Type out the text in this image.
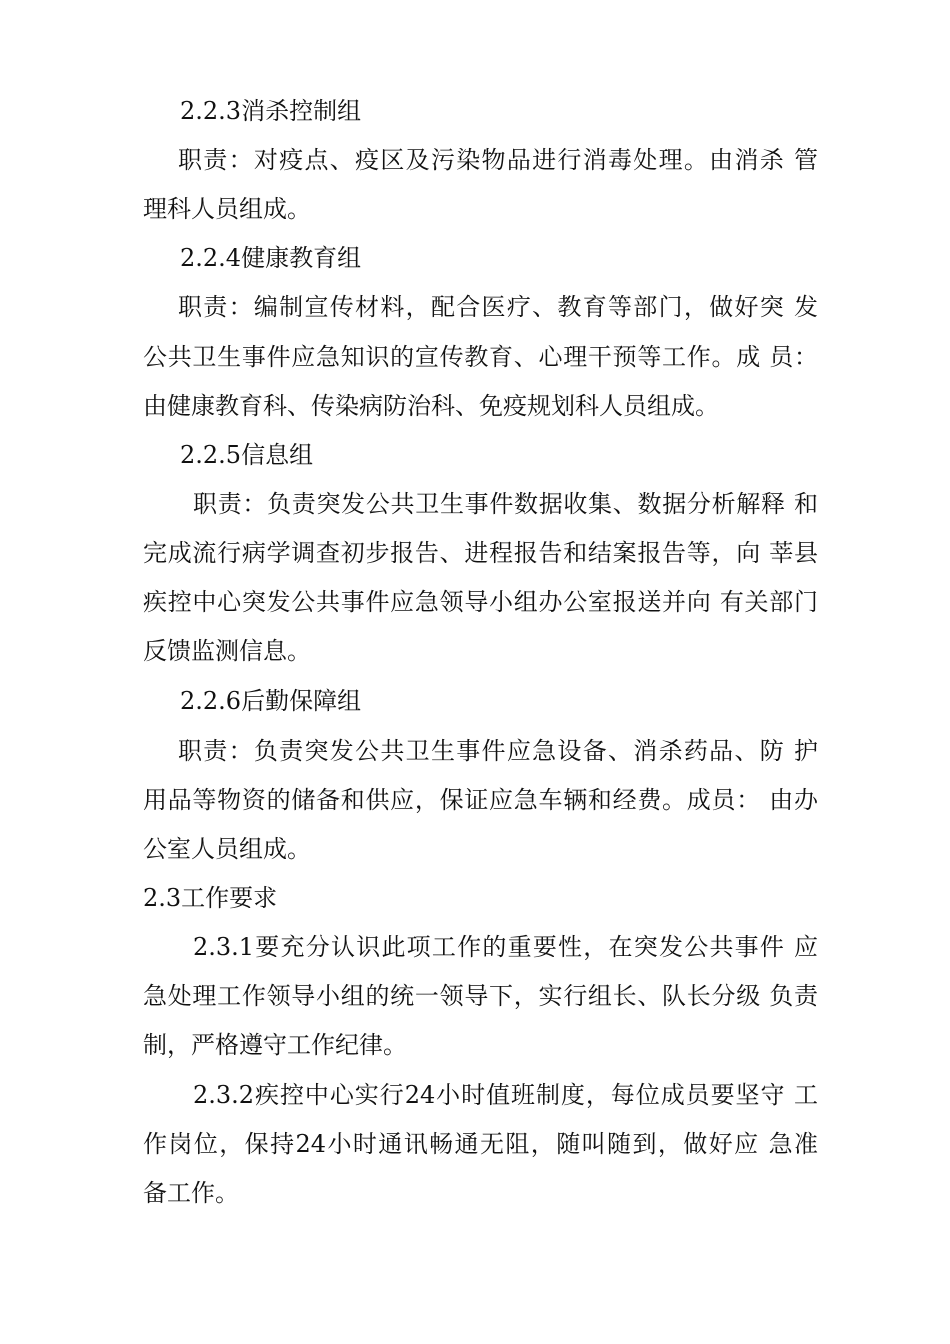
2.2.3消杀控制组
职责：对疫点、疫区及污染物品进行消毒处理。由消杀 管
理科人员组成。
2.2.4健康教育组
职责：编制宣传材料，配合医疗、教育等部门，做好突 发
公共卫生事件应急知识的宣传教育、心理干预等工作。成 员：
由健康教育科、传染病防治科、免疫规划科人员组成。
2.2.5信息组
职责：负责突发公共卫生事件数据收集、数据分析解释 和
完成流行病学调查初步报告、进程报告和结案报告等，向 莘县
疾控中心突发公共事件应急领导小组办公室报送并向 有关部门
反馈监测信息。
2.2.6后勤保障组
职责：负责突发公共卫生事件应急设备、消杀药品、防 护
用品等物资的储备和供应，保证应急车辆和经费。成员： 由办
公室人员组成。
2.3工作要求
2.3.1要充分认识此项工作的重要性，在突发公共事件 应
急处理工作领导小组的统一领导下，实行组长、队长分级 负责
制，严格遵守工作纪律。
2.3.2疾控中心实行24小时值班制度，每位成员要坚守 工
作岗位，保持24小时通讯畅通无阻，随叫随到，做好应 急准
备工作。
